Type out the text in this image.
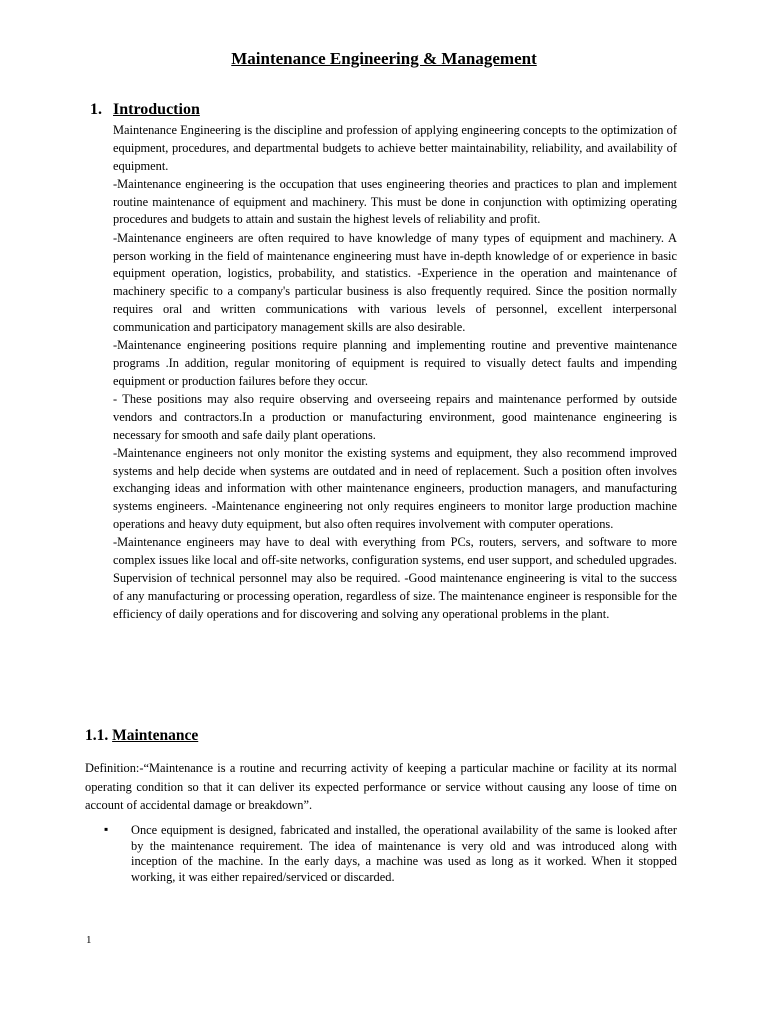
Maintenance Engineering & Management
1. Introduction

Maintenance Engineering is the discipline and profession of applying engineering concepts to the optimization of equipment, procedures, and departmental budgets to achieve better maintainability, reliability, and availability of equipment.

-Maintenance engineering is the occupation that uses engineering theories and practices to plan and implement routine maintenance of equipment and machinery. This must be done in conjunction with optimizing operating procedures and budgets to attain and sustain the highest levels of reliability and profit.

-Maintenance engineers are often required to have knowledge of many types of equipment and machinery. A person working in the field of maintenance engineering must have in-depth knowledge of or experience in basic equipment operation, logistics, probability, and statistics. -Experience in the operation and maintenance of machinery specific to a company's particular business is also frequently required. Since the position normally requires oral and written communications with various levels of personnel, excellent interpersonal communication and participatory management skills are also desirable.

-Maintenance engineering positions require planning and implementing routine and preventive maintenance programs .In addition, regular monitoring of equipment is required to visually detect faults and impending equipment or production failures before they occur.

- These positions may also require observing and overseeing repairs and maintenance performed by outside vendors and contractors.In a production or manufacturing environment, good maintenance engineering is necessary for smooth and safe daily plant operations.

-Maintenance engineers not only monitor the existing systems and equipment, they also recommend improved systems and help decide when systems are outdated and in need of replacement. Such a position often involves exchanging ideas and information with other maintenance engineers, production managers, and manufacturing systems engineers. -Maintenance engineering not only requires engineers to monitor large production machine operations and heavy duty equipment, but also often requires involvement with computer operations.

-Maintenance engineers may have to deal with everything from PCs, routers, servers, and software to more complex issues like local and off-site networks, configuration systems, end user support, and scheduled upgrades. Supervision of technical personnel may also be required. -Good maintenance engineering is vital to the success of any manufacturing or processing operation, regardless of size. The maintenance engineer is responsible for the efficiency of daily operations and for discovering and solving any operational problems in the plant.

1.1. Maintenance

Definition:-“Maintenance is a routine and recurring activity of keeping a particular machine or facility at its normal operating condition so that it can deliver its expected performance or service without causing any loose of time on account of accidental damage or breakdown”.

▪ Once equipment is designed, fabricated and installed, the operational availability of the same is looked after by the maintenance requirement. The idea of maintenance is very old and was introduced along with inception of the machine. In the early days, a machine was used as long as it worked. When it stopped working, it was either repaired/serviced or discarded.
1
